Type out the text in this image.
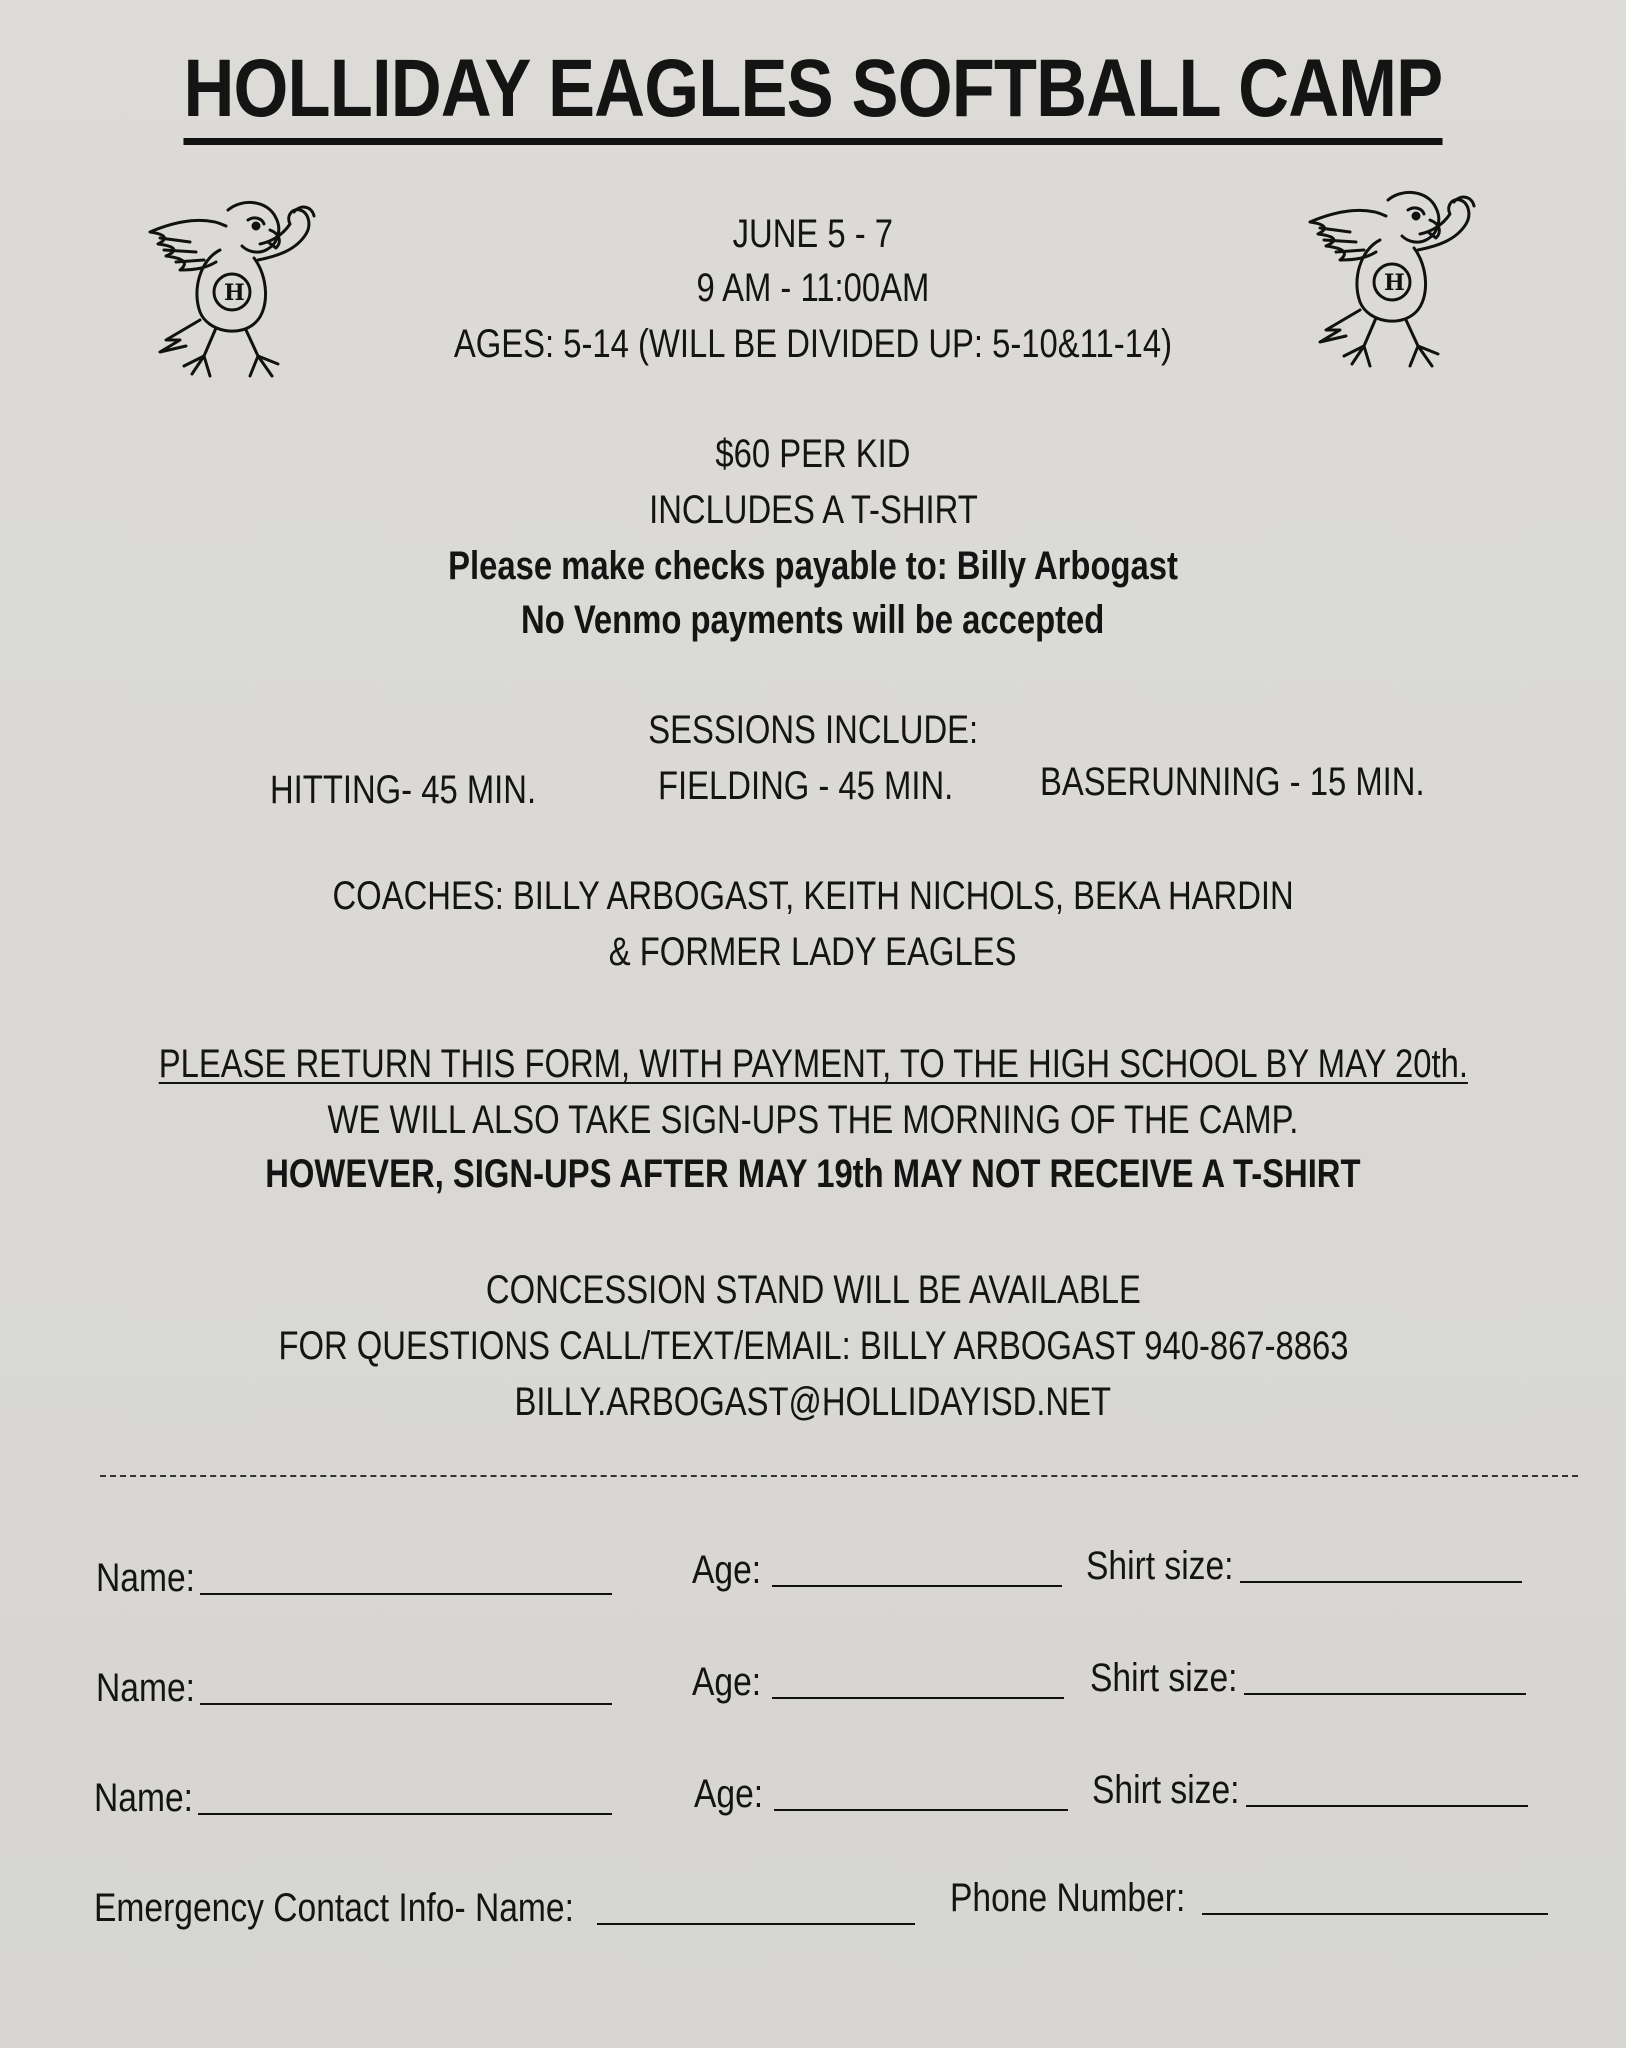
HOLLIDAY EAGLES SOFTBALL CAMP
H	H
JUNE 5 - 7
9 AM - 11:00AM
AGES: 5-14 (WILL BE DIVIDED UP: 5-10&11-14)
$60 PER KID
INCLUDES A T-SHIRT
Please make checks payable to: Billy Arbogast
No Venmo payments will be accepted
SESSIONS INCLUDE:
HITTING- 45 MIN.	FIELDING - 45 MIN.	BASERUNNING - 15 MIN.
COACHES: BILLY ARBOGAST, KEITH NICHOLS, BEKA HARDIN
& FORMER LADY EAGLES
PLEASE RETURN THIS FORM, WITH PAYMENT, TO THE HIGH SCHOOL BY MAY 20th.
WE WILL ALSO TAKE SIGN-UPS THE MORNING OF THE CAMP.
HOWEVER, SIGN-UPS AFTER MAY 19th MAY NOT RECEIVE A T-SHIRT
CONCESSION STAND WILL BE AVAILABLE
FOR QUESTIONS CALL/TEXT/EMAIL: BILLY ARBOGAST 940-867-8863
BILLY.ARBOGAST@HOLLIDAYISD.NET
Name:	Age:	Shirt size:
Name:	Age:	Shirt size:
Name:	Age:	Shirt size:
Emergency Contact Info- Name:	Phone Number:
